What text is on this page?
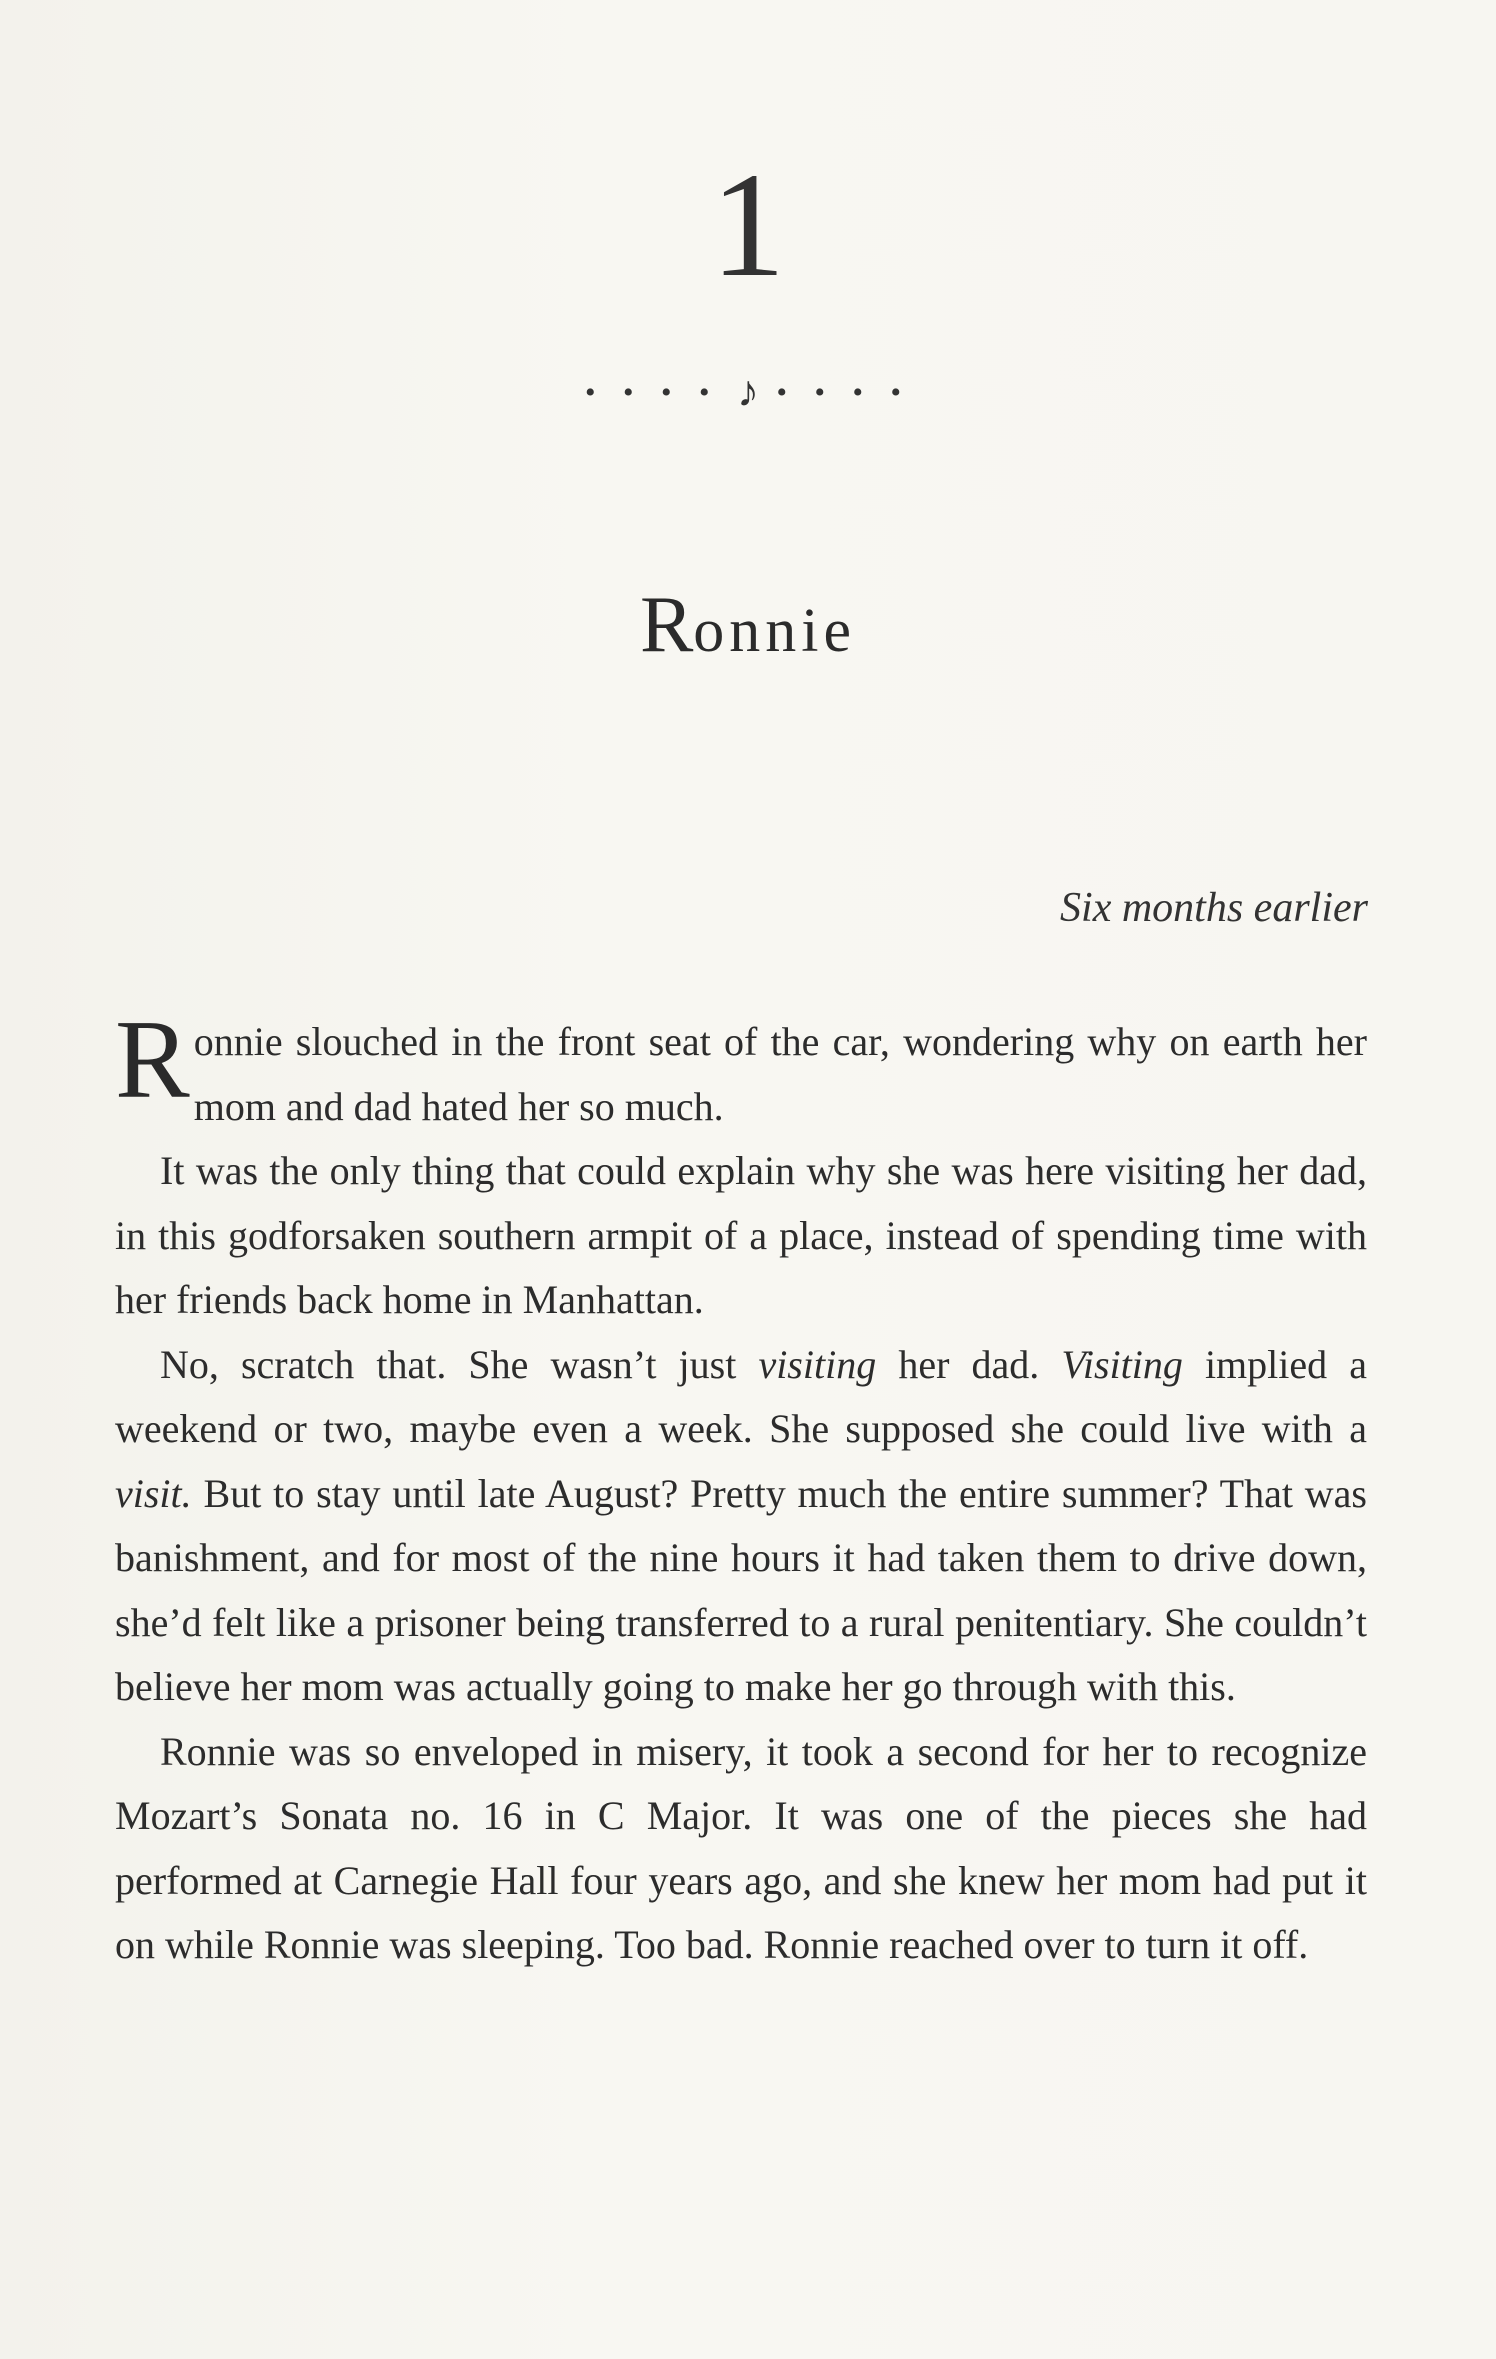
1
• • • • ♪ • • • •
Ronnie
Six months earlier

Ronnie slouched in the front seat of the car, wondering why on earth her mom and dad hated her so much.

It was the only thing that could explain why she was here visiting her dad, in this godforsaken southern armpit of a place, instead of spending time with her friends back home in Manhattan.

No, scratch that. She wasn’t just visiting her dad. Visiting implied a weekend or two, maybe even a week. She supposed she could live with a visit. But to stay until late August? Pretty much the entire summer? That was banishment, and for most of the nine hours it had taken them to drive down, she’d felt like a prisoner being transferred to a rural penitentiary. She couldn’t believe her mom was actually going to make her go through with this.

Ronnie was so enveloped in misery, it took a second for her to recognize Mozart’s Sonata no. 16 in C Major. It was one of the pieces she had performed at Carnegie Hall four years ago, and she knew her mom had put it on while Ronnie was sleeping. Too bad. Ronnie reached over to turn it off.
